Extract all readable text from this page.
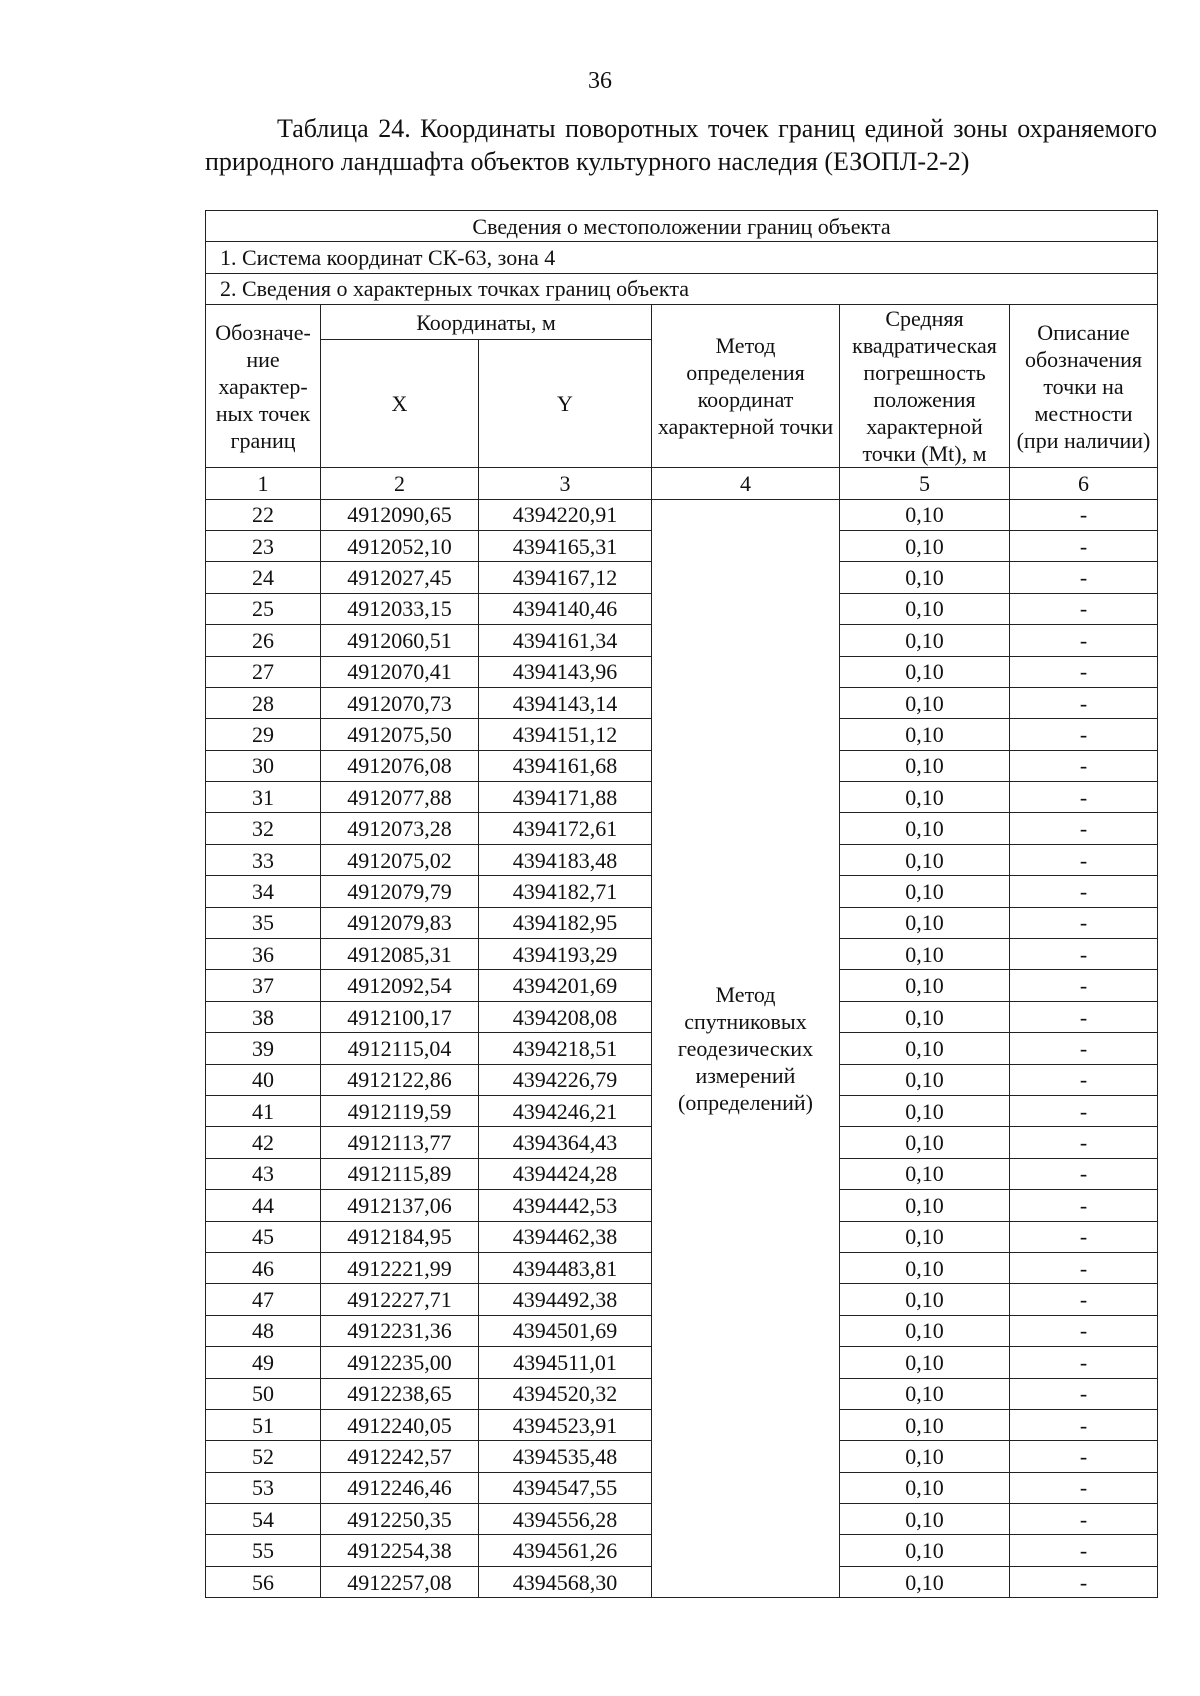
36
Таблица 24. Координаты поворотных точек границ единой зоны охраняемого природного ландшафта объектов культурного наследия (ЕЗОПЛ-2-2)
Сведения о местоположении границ объекта					
1. Система координат СК-63, зона 4					
2. Сведения о характерных точках границ объекта					
Обозначе-ние характер-ных точек границ	Координаты, м		Метод определения координат характерной точки	Средняя квадратическая погрешность положения характерной точки (Mt), м	Описание обозначения точки на местности (при наличии)
	X	Y			
1	2	3	4	5	6
22	4912090,65	4394220,91	Метод спутниковых геодезических измерений (определений)	0,10	-
23	4912052,10	4394165,31		0,10	-
24	4912027,45	4394167,12		0,10	-
25	4912033,15	4394140,46		0,10	-
26	4912060,51	4394161,34		0,10	-
27	4912070,41	4394143,96		0,10	-
28	4912070,73	4394143,14		0,10	-
29	4912075,50	4394151,12		0,10	-
30	4912076,08	4394161,68		0,10	-
31	4912077,88	4394171,88		0,10	-
32	4912073,28	4394172,61		0,10	-
33	4912075,02	4394183,48		0,10	-
34	4912079,79	4394182,71		0,10	-
35	4912079,83	4394182,95		0,10	-
36	4912085,31	4394193,29		0,10	-
37	4912092,54	4394201,69		0,10	-
38	4912100,17	4394208,08		0,10	-
39	4912115,04	4394218,51		0,10	-
40	4912122,86	4394226,79		0,10	-
41	4912119,59	4394246,21		0,10	-
42	4912113,77	4394364,43		0,10	-
43	4912115,89	4394424,28		0,10	-
44	4912137,06	4394442,53		0,10	-
45	4912184,95	4394462,38		0,10	-
46	4912221,99	4394483,81		0,10	-
47	4912227,71	4394492,38		0,10	-
48	4912231,36	4394501,69		0,10	-
49	4912235,00	4394511,01		0,10	-
50	4912238,65	4394520,32		0,10	-
51	4912240,05	4394523,91		0,10	-
52	4912242,57	4394535,48		0,10	-
53	4912246,46	4394547,55		0,10	-
54	4912250,35	4394556,28		0,10	-
55	4912254,38	4394561,26		0,10	-
56	4912257,08	4394568,30		0,10	-
